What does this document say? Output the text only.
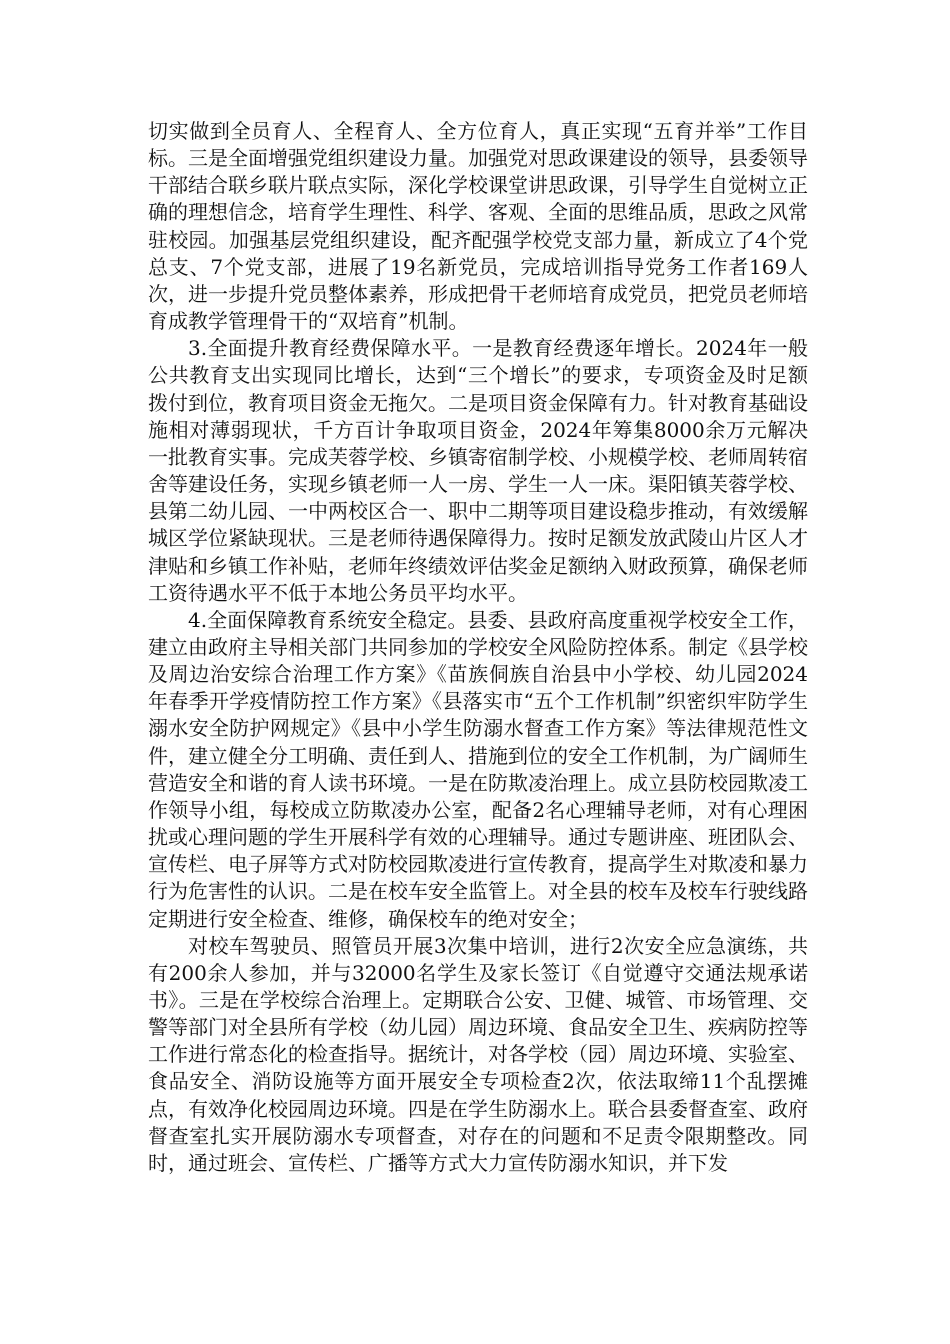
切实做到全员育人、全程育人、全方位育人，真正实现“五育并举”工作目标。三是全面增强党组织建设力量。加强党对思政课建设的领导，县委领导干部结合联乡联片联点实际，深化学校课堂讲思政课，引导学生自觉树立正确的理想信念，培育学生理性、科学、客观、全面的思维品质，思政之风常驻校园。加强基层党组织建设，配齐配强学校党支部力量，新成立了4个党总支、7个党支部，进展了19名新党员，完成培训指导党务工作者169人次，进一步提升党员整体素养，形成把骨干老师培育成党员，把党员老师培育成教学管理骨干的“双培育”机制。

3.全面提升教育经费保障水平。一是教育经费逐年增长。2024年一般公共教育支出实现同比增长，达到“三个增长”的要求，专项资金及时足额拨付到位，教育项目资金无拖欠。二是项目资金保障有力。针对教育基础设施相对薄弱现状，千方百计争取项目资金，2024年筹集8000余万元解决一批教育实事。完成芙蓉学校、乡镇寄宿制学校、小规模学校、老师周转宿舍等建设任务，实现乡镇老师一人一房、学生一人一床。渠阳镇芙蓉学校、县第二幼儿园、一中两校区合一、职中二期等项目建设稳步推动，有效缓解城区学位紧缺现状。三是老师待遇保障得力。按时足额发放武陵山片区人才津贴和乡镇工作补贴，老师年终绩效评估奖金足额纳入财政预算，确保老师工资待遇水平不低于本地公务员平均水平。

4.全面保障教育系统安全稳定。县委、县政府高度重视学校安全工作，建立由政府主导相关部门共同参加的学校安全风险防控体系。制定《县学校及周边治安综合治理工作方案》《苗族侗族自治县中小学校、幼儿园2024年春季开学疫情防控工作方案》《县落实市“五个工作机制”织密织牢防学生溺水安全防护网规定》《县中小学生防溺水督查工作方案》等法律规范性文件，建立健全分工明确、责任到人、措施到位的安全工作机制，为广阔师生营造安全和谐的育人读书环境。一是在防欺凌治理上。成立县防校园欺凌工作领导小组，每校成立防欺凌办公室，配备2名心理辅导老师，对有心理困扰或心理问题的学生开展科学有效的心理辅导。通过专题讲座、班团队会、宣传栏、电子屏等方式对防校园欺凌进行宣传教育，提高学生对欺凌和暴力行为危害性的认识。二是在校车安全监管上。对全县的校车及校车行驶线路定期进行安全检查、维修，确保校车的绝对安全；

对校车驾驶员、照管员开展3次集中培训，进行2次安全应急演练，共有200余人参加，并与32000名学生及家长签订《自觉遵守交通法规承诺书》。三是在学校综合治理上。定期联合公安、卫健、城管、市场管理、交警等部门对全县所有学校（幼儿园）周边环境、食品安全卫生、疾病防控等工作进行常态化的检查指导。据统计，对各学校（园）周边环境、实验室、食品安全、消防设施等方面开展安全专项检查2次，依法取缔11个乱摆摊点，有效净化校园周边环境。四是在学生防溺水上。联合县委督查室、政府督查室扎实开展防溺水专项督查，对存在的问题和不足责令限期整改。同时，通过班会、宣传栏、广播等方式大力宣传防溺水知识，并下发
